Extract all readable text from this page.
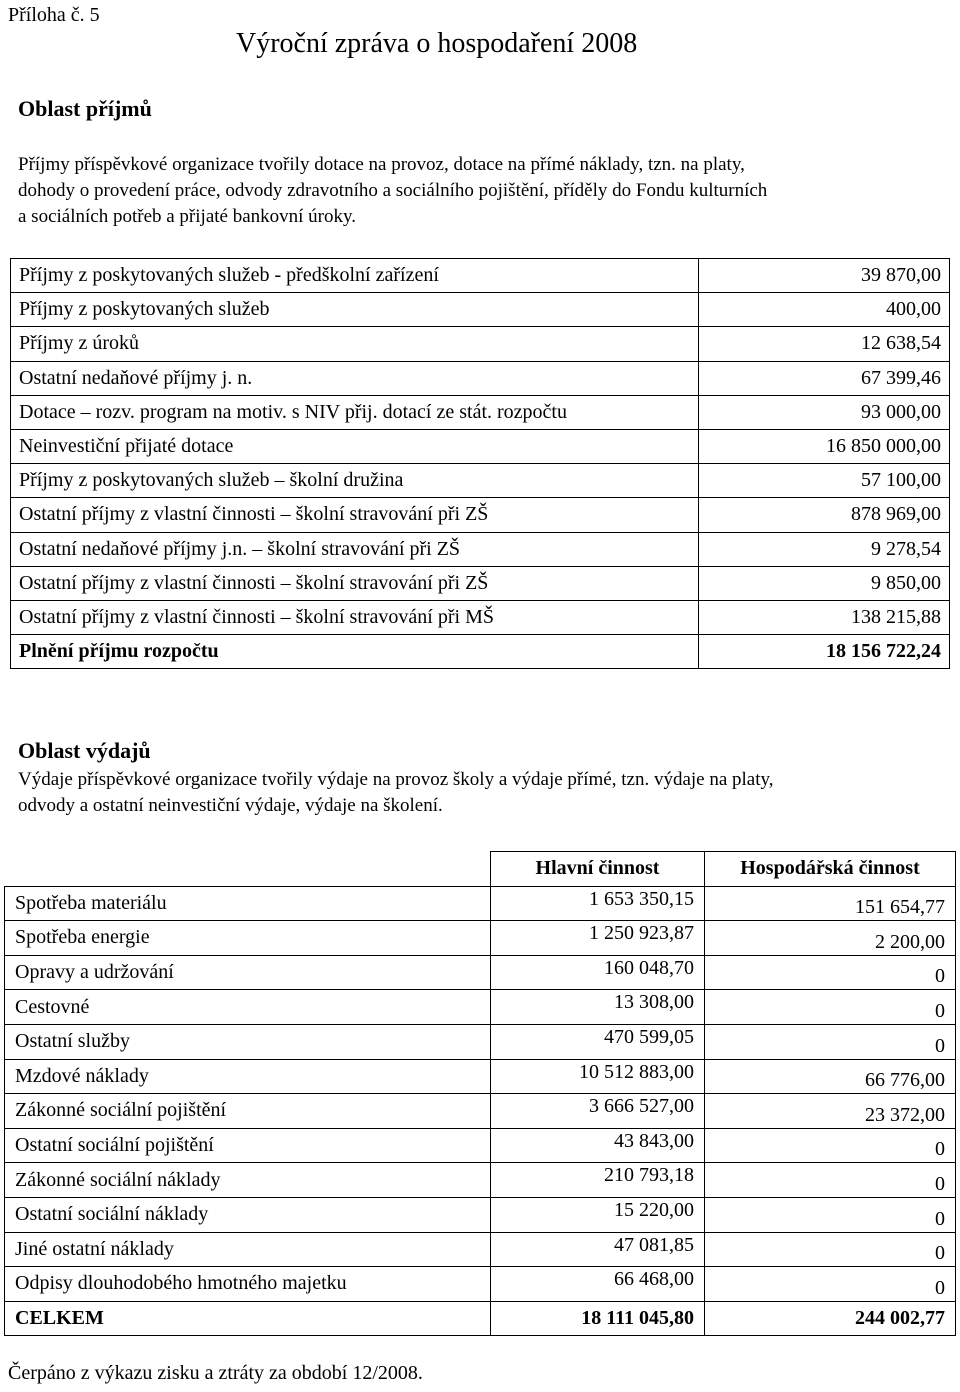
Příloha č. 5
Výroční zpráva o hospodaření 2008
Oblast příjmů
Příjmy příspěvkové organizace tvořily dotace na provoz, dotace na přímé náklady, tzn. na platy,
dohody o provedení práce, odvody zdravotního a sociálního pojištění, příděly do Fondu kulturních
a sociálních potřeb a přijaté bankovní úroky.
Příjmy z poskytovaných služeb - předškolní zařízení	39 870,00
Příjmy z poskytovaných služeb	400,00
Příjmy z úroků	12 638,54
Ostatní nedaňové příjmy j. n.	67 399,46
Dotace – rozv. program na motiv. s NIV přij. dotací ze stát. rozpočtu	93 000,00
Neinvestiční přijaté dotace	16 850 000,00
Příjmy z poskytovaných služeb – školní družina	57 100,00
Ostatní příjmy z vlastní činnosti – školní stravování při ZŠ	878 969,00
Ostatní nedaňové příjmy j.n. – školní stravování při ZŠ	9 278,54
Ostatní příjmy z vlastní činnosti – školní stravování při ZŠ	9 850,00
Ostatní příjmy z vlastní činnosti – školní stravování při MŠ	138 215,88
Plnění příjmu rozpočtu	18 156 722,24
Oblast výdajů
Výdaje příspěvkové organizace tvořily výdaje na provoz školy a výdaje přímé, tzn. výdaje na platy,
odvody a ostatní neinvestiční výdaje, výdaje na školení.
	Hlavní činnost	Hospodářská činnost
Spotřeba materiálu	1 653 350,15	151 654,77
Spotřeba energie	1 250 923,87	2 200,00
Opravy a udržování	160 048,70	0
Cestovné	13 308,00	0
Ostatní služby	470 599,05	0
Mzdové náklady	10 512 883,00	66 776,00
Zákonné sociální pojištění	3 666 527,00	23 372,00
Ostatní sociální pojištění	43 843,00	0
Zákonné sociální náklady	210 793,18	0
Ostatní sociální náklady	15 220,00	0
Jiné ostatní náklady	47 081,85	0
Odpisy dlouhodobého hmotného majetku	66 468,00	0
CELKEM	18 111 045,80	244 002,77
Čerpáno z výkazu zisku a ztráty za období 12/2008.
